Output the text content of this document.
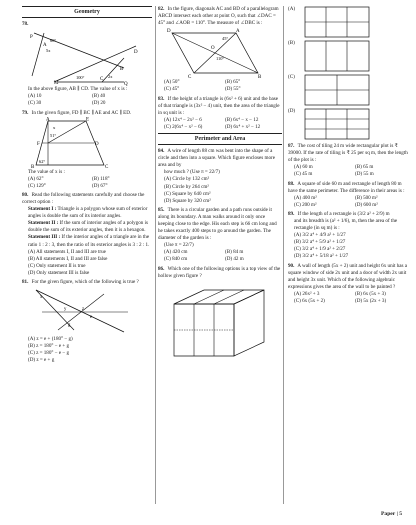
Geometry
78.
P
A
B
D
M
C
Q
5x
60°
100°	2x
In the above figure, AB ∥ CD. The value of x is :
(A) 10	(B) 40
(C) 30	(D) 20
79. In the given figure, FD ∥ BC ∥ AE and AC ∥ ED.
A	E
F	D
B	C
x
51°
62°
The value of x is :
(A) 62°	(B) 118°
(C) 129°	(D) 67°
80. Read the following statements carefully and choose the correct option :
Statement I : Triangle is a polygon whose sum of exterior angles is double the sum of its interior angles.
Statement II : If the sum of interior angles of a polygon is double the sum of its exterior angles, then it is a hexagon.
Statement III : If the interior angles of a triangle are in the ratio 1 : 2 : 3, then the ratio of its exterior angles is 3 : 2 : 1.
(A) All statements I, II and III are true
(B) All statements I, II and III are false
(C) Only statement II is true
(D) Only statement III is false
81. For the given figure, which of the following is true ?
x
y	z
e
g
(A) z = e + (180° − g)
(B) z = 180° − e + g
(C) z = 180° − e − g
(D) z = e + g
82. In the figure, diagonals AC and BD of a parallelogram ABCD intersect each other at point O, such that ∠DAC = 45° and ∠AOB = 110°. The measure of ∠DBC is :
D	A
C	B
O
45°
110°
(A) 50°	(B) 65°
(C) 45°	(D) 55°
83. If the height of a triangle is (6x² + 6) unit and the base of that triangle is (3x² − 4) unit, then the area of the triangle in sq unit is :
(A) 12x⁴ − 2x² − 6	(B) 6x⁴ − x − 12
(C) 2(6x⁴ − x² − 6)	(D) 6x⁴ + x² − 12
Perimeter and Area
84. A wire of length 88 cm was bent into the shape of a circle and then into a square. Which figure encloses more area and by
how much ? (Use π = 22/7)
(A) Circle by 132 cm²
(B) Circle by 264 cm²
(C) Square by 640 cm²
(D) Square by 320 cm²
85. There is a circular garden and a path runs outside it along its boundary. A man walks around it only once keeping close to the edge. His each step is 66 cm long and he takes exactly 400 steps to go around the garden. The diameter of the garden is :
(Use π = 22/7)
(A) 420 cm	(B) 84 m
(C) 840 cm	(D) 42 m
86. Which one of the following options is a top view of the hollow given figure ?
(A)
(B)
(C)
(D)
87. The cost of tiling 24 m wide rectangular plot is ₹ 39000. If the rate of tiling is ₹ 25 per sq m, then the length of the plot is :
(A) 60 m	(B) 65 m
(C) 45 m	(D) 55 m
88. A square of side 60 m and rectangle of length 80 m have the same perimeter. The difference in their areas is :
(A) 400 m²	(B) 500 m²
(C) 200 m²	(D) 600 m²
89. If the length of a rectangle is (3/2 a² + 2/9) m
and its breadth is (a² + 1/6), m, then the area of the rectangle (in sq m) is :
(A) 3/2 a⁴ + 4/9 a² + 1/27
(B) 3/2 a⁴ + 5/9 a² + 1/27
(C) 3/2 a⁴ + 1/9 a² + 2/27
(D) 3/2 a⁴ + 5/18 a² + 1/27
90. A wall of length (5x + 2) unit and height 6x unit has a square window of side 2x unit and a door of width 2x unit and height 3x unit. Which of the following algebraic expressions gives the area of the wall to be painted ?
(A) 26x² + 3	(B) 6x (5x + 3)
(C) 6x (5x + 2)	(D) 5x (2x + 3)
Paper | 5
